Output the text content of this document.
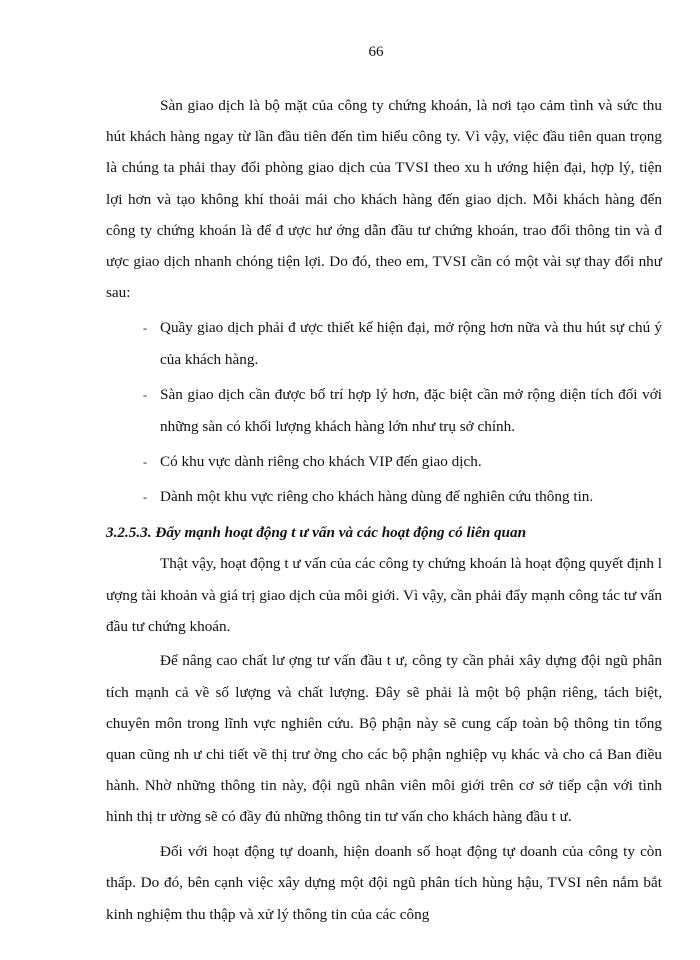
66

Sàn giao dịch là bộ mặt của công ty chứng khoán, là nơi tạo cảm tình và sức thu hút khách hàng ngay từ lần đầu tiên đến tìm hiểu công ty. Vì vậy, việc đầu tiên quan trọng là chúng ta phải thay đổi phòng giao dịch của TVSI theo xu h ướng hiện đại, hợp lý, tiện lợi hơn và tạo không khí thoải mái cho khách hàng đến giao dịch. Mỗi khách hàng đến công ty chứng khoán là để đ ược hư ớng dẫn đầu tư chứng khoán, trao đổi thông tin và đ ược giao dịch nhanh chóng tiện lợi. Do đó, theo em, TVSI cần có một vài sự thay đổi như sau:

‐ Quầy giao dịch phải đ ược thiết kế hiện đại, mở rộng hơn nữa và thu hút sự chú ý của khách hàng.

‐ Sàn giao dịch cần được bố trí hợp lý hơn, đặc biệt cần mở rộng diện tích đối với những sàn có khối lượng khách hàng lớn như trụ sở chính.

‐ Có khu vực dành riêng cho khách VIP đến giao dịch.

‐ Dành một khu vực riêng cho khách hàng dùng để nghiên cứu thông tin.

3.2.5.3. Đẩy mạnh hoạt động t ư vấn và các hoạt động có liên quan

Thật vậy, hoạt động t ư vấn của các công ty chứng khoán là hoạt động quyết định l ượng tài khoản và giá trị giao dịch của môi giới. Vì vậy, cần phải đẩy mạnh công tác tư vấn đầu tư chứng khoán.

Để nâng cao chất lư ợng tư vấn đầu t ư, công ty cần phải xây dựng đội ngũ phân tích mạnh cả về số lượng và chất lượng. Đây sẽ phải là một bộ phận riêng, tách biệt, chuyên môn trong lĩnh vực nghiên cứu. Bộ phận này sẽ cung cấp toàn bộ thông tin tổng quan cũng nh ư chi tiết về thị trư ờng cho các bộ phận nghiệp vụ khác và cho cả Ban điều hành. Nhờ những thông tin này, đội ngũ nhân viên môi giới trên cơ sở tiếp cận với tình hình thị tr ường sẽ có đầy đủ những thông tin tư vấn cho khách hàng đầu t ư.

Đối với hoạt động tự doanh, hiện doanh số hoạt động tự doanh của công ty còn thấp. Do đó, bên cạnh việc xây dựng một đội ngũ phân tích hùng hậu, TVSI nên nắm bắt kinh nghiệm thu thập và xử lý thông tin của các công
